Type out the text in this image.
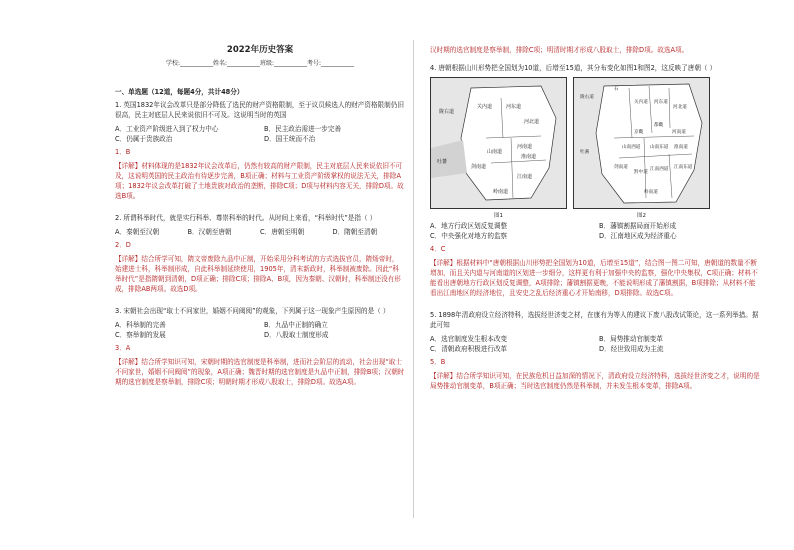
2022年历史答案
学校:___________姓名:___________班级:___________考号:___________
一、单选题（12道，每题4分，共计48分）
1. 英国1832年议会改革只是部分降低了选民的财产资格限制，至于议员候选人的财产资格限制仍旧很高，民主对底层人民来说依旧不可及。这说明当时的英国
A．工业资产阶级进入到了权力中心	B．民主政治需进一步完善
C．仍属于贵族政治	D．国王统而不治
1．B
【详解】材料体现的是1832年议会改革后，仍然有较高的财产限制，民主对底层人民来说依旧不可及，这说明英国的民主政治有待逐步完善，B项正确；材料与工业资产阶级掌权的说法无关，排除A项；1832年议会改革打破了土地贵族对政治的垄断，排除C项；D项与材料内容无关，排除D项。故选B项。
2. 所谓科举时代，就是实行科举、尊崇科举的时代。从时间上来看，“科举时代”是指（ ）
A．秦朝至汉朝	B．汉朝至唐朝	C．唐朝至明朝	D．隋朝至清朝
2．D
【详解】结合所学可知，隋文帝废除九品中正制，开始采用分科考试的方式选拔官员，隋炀帝时，始建进士科，科举制形成，自此科举制延续使用，1905年，清末新政时，科举制被废除。因此“科举时代”是指隋朝到清朝，D项正确；排除C项；排除A、B项，因为秦朝、汉朝时，科举制还没有形成，排除AB两项。故选D项。
3. 宋朝社会出现“取士不问家世，婚姻不问阀阅”的观象，下列属于这一现象产生原因的是（ ）
A．科举制的完善	B．九品中正制的确立
C．察举制的发展	D．八股取士制度形成
3．A
【详解】结合所学知识可知，宋朝时期的选官制度是科举制，进而社会阶层的流动，社会出现“取士不问家世，婚姻不问阀阅”的现象，A项正确；魏晋时期的选官制度是九品中正制，排除B项；汉朝时期的选官制度是察举制，排除C项；明朝时期才形成八股取士，排除D项。故选A项。
汉时期的选官制度是察举制，排除C项；明清时期才形成八股取士，排除D项。故选A项。
4. 唐朝根据山川形势把全国划为10道，后增至15道，其分布变化如图1和图2，这反映了唐朝（ ）
关内道	河东道
河北道
陇右道
河南道
山南道
淮南道
江南道
剑南道
岭南道
吐蕃
陇右道
关内道 河东道
河北道
京畿
都畿
河南道
山南西道 山南东道 淮南道
剑南道
黔中道
江南西道 江南东道
岭南道
吐蕃
石
图1	图2
A．地方行政区划反复调整	B．藩镇割据局面开始形成
C．中央强化对地方的监察	D．江南地区成为经济重心
4．C
【详解】根据材料中“唐朝根据山川形势把全国划为10道，后增至15道”，结合图一图二可知，唐朝道的数量不断增加，而且关内道与河南道的区划进一步细分，这样更有利于加强中央的监察，强化中央集权，C项正确；材料不能看出唐朝地方行政区划反复调整，A项排除；藩镇割据更晚，不能说明形成了藩镇割据，B项排除；从材料不能看出江南地区的经济地位，且安史之乱后经济重心才开始南移，D项排除。故选C项。
5. 1898年清政府设立经济特科，选拔经世济变之材，在康有为等人的建议下废八股改试策论，这一系列举措。据此可知
A．选官制度发生根本改变	B．局势推动官制变革
C．清朝政府积极进行改革	D．经世致用成为主流
5．B
【详解】结合所学知识可知，在民族危机日益加深的情况下，清政府设立经济特科，选拔经世济变之才，说明的是局势推动官制变革，B项正确；当时选官制度仍然是科举制，并未发生根本变革，排除A项。
